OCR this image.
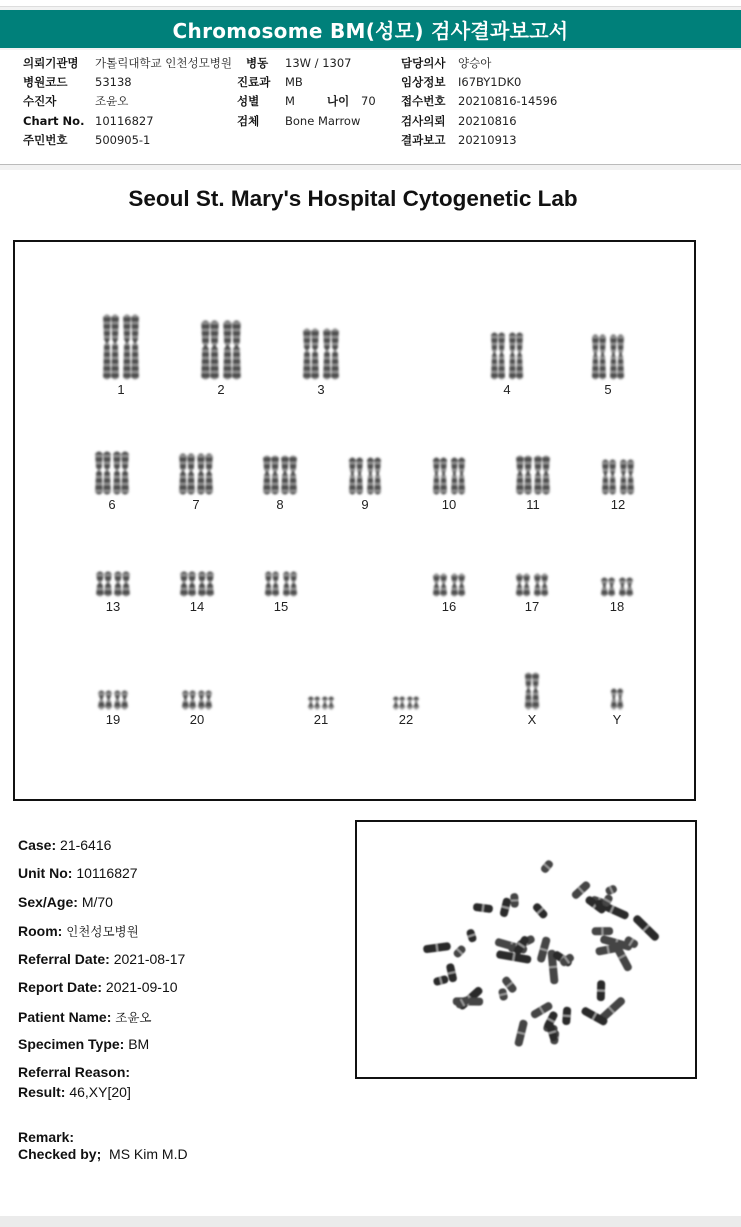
Chromosome BM(성모) 검사결과보고서
의뢰기관명 가톨릭대학교 인천성모병원 병동 13W / 1307	담당의사 양승아
병원코드 53138	진료과 MB	임상정보 I67BY1DK0
수진자	조윤오	성별 M	나이 70 접수번호 20210816-14596
Chart No. 10116827	검체 Bone Marrow	검사의뢰 20210816
주민번호 500905-1	결과보고 20210913
Seoul St. Mary's Hospital Cytogenetic Lab
1	2	3	4	5
6	7	8	9	10	11	12
13	14	15	16	17	18
19	20	21	22	X	Y
Case: 21-6416
Unit No: 10116827
Sex/Age: M/70
Room: 인천성모병원
Referral Date: 2021-08-17
Report Date: 2021-09-10
Patient Name: 조윤오
Specimen Type: BM
Referral Reason:
Result: 46,XY[20]
Remark:
Checked by; MS Kim M.D
